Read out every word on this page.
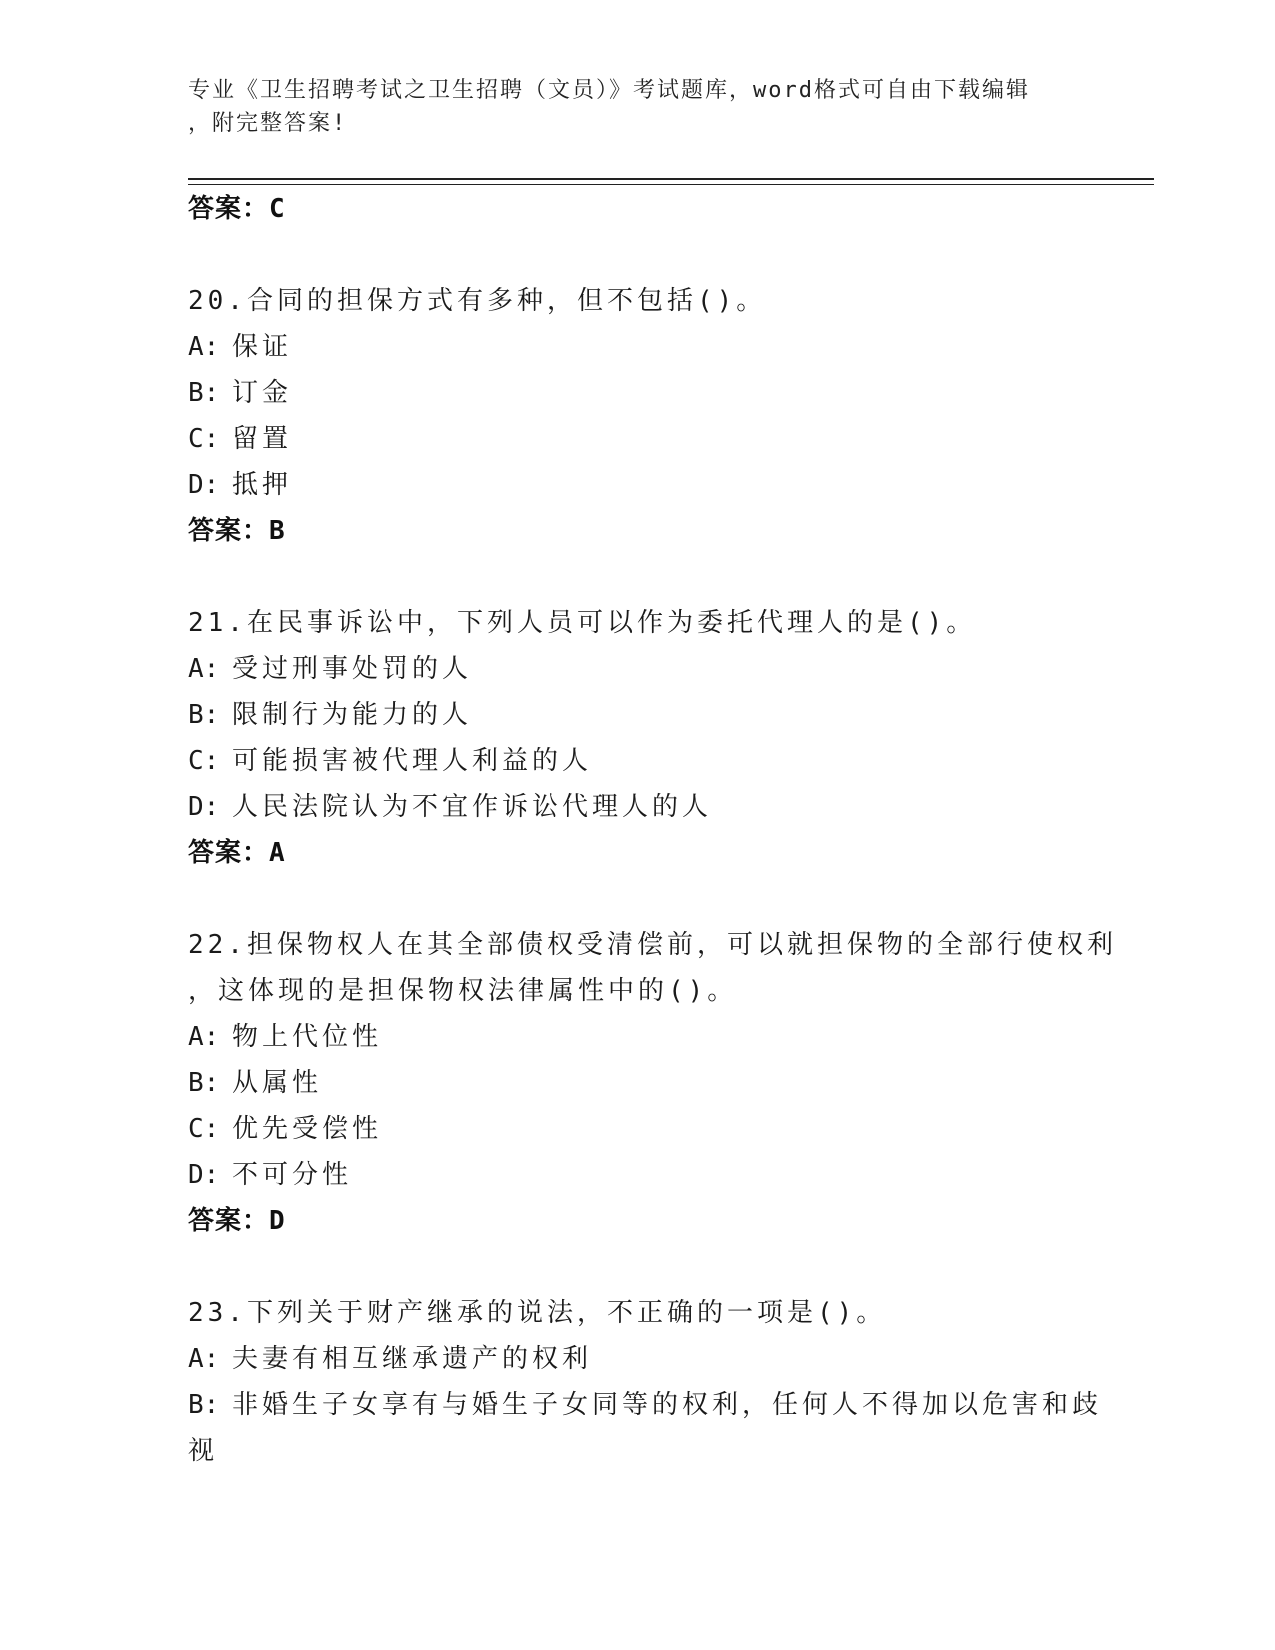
专业《卫生招聘考试之卫生招聘（文员）》考试题库，word格式可自由下载编辑
，附完整答案!
答案：C
20.合同的担保方式有多种，但不包括()。
A: 保证
B: 订金
C: 留置
D: 抵押
答案：B
21.在民事诉讼中，下列人员可以作为委托代理人的是()。
A: 受过刑事处罚的人
B: 限制行为能力的人
C: 可能损害被代理人利益的人
D: 人民法院认为不宜作诉讼代理人的人
答案：A
22.担保物权人在其全部债权受清偿前，可以就担保物的全部行使权利
，这体现的是担保物权法律属性中的()。
A: 物上代位性
B: 从属性
C: 优先受偿性
D: 不可分性
答案：D
23.下列关于财产继承的说法，不正确的一项是()。
A: 夫妻有相互继承遗产的权利
B: 非婚生子女享有与婚生子女同等的权利，任何人不得加以危害和歧
视
